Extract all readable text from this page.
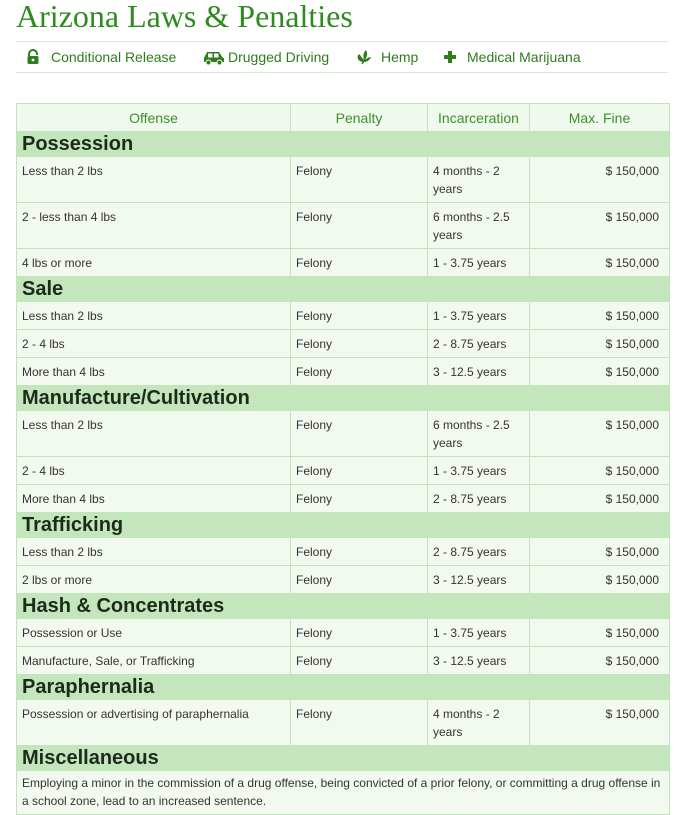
Arizona Laws & Penalties
Conditional Release	Drugged Driving	Hemp	Medical Marijuana
Offense	Penalty	Incarceration	Max. Fine
Possession			
Less than 2 lbs	Felony	4 months - 2 years	$ 150,000
2 - less than 4 lbs	Felony	6 months - 2.5 years	$ 150,000
4 lbs or more	Felony	1 - 3.75 years	$ 150,000
Sale			
Less than 2 lbs	Felony	1 - 3.75 years	$ 150,000
2 - 4 lbs	Felony	2 - 8.75 years	$ 150,000
More than 4 lbs	Felony	3 - 12.5 years	$ 150,000
Manufacture/Cultivation			
Less than 2 lbs	Felony	6 months - 2.5 years	$ 150,000
2 - 4 lbs	Felony	1 - 3.75 years	$ 150,000
More than 4 lbs	Felony	2 - 8.75 years	$ 150,000
Trafficking			
Less than 2 lbs	Felony	2 - 8.75 years	$ 150,000
2 lbs or more	Felony	3 - 12.5 years	$ 150,000
Hash & Concentrates			
Possession or Use	Felony	1 - 3.75 years	$ 150,000
Manufacture, Sale, or Trafficking	Felony	3 - 12.5 years	$ 150,000
Paraphernalia			
Possession or advertising of paraphernalia	Felony	4 months - 2 years	$ 150,000
Miscellaneous			
Employing a minor in the commission of a drug offense, being convicted of a prior felony, or committing a drug offense in a school zone, lead to an increased sentence.			
